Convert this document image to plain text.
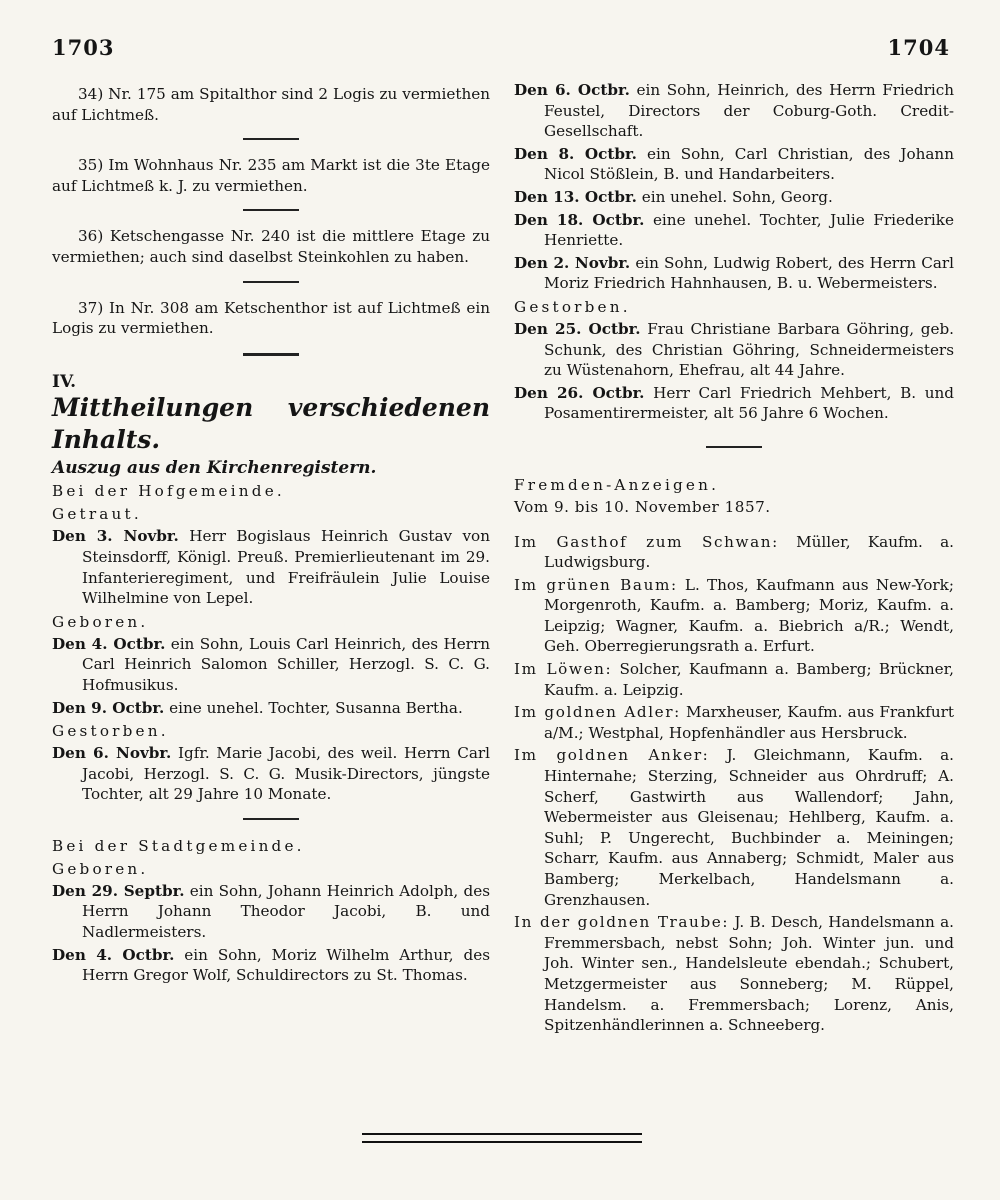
1703	1704

34) Nr. 175 am Spitalthor sind 2 Logis zu vermiethen auf Lichtmeß.

35) Im Wohnhaus Nr. 235 am Markt ist die 3te Etage auf Lichtmeß k. J. zu vermiethen.

36) Ketschengasse Nr. 240 ist die mittlere Etage zu vermiethen; auch sind daselbst Steinkohlen zu haben.

37) In Nr. 308 am Ketschenthor ist auf Lichtmeß ein Logis zu vermiethen.

IV.

Mittheilungen verschiedenen Inhalts.

Auszug aus den Kirchenregistern.

Bei der Hofgemeinde.

Getraut.

Den 3. Novbr. Herr Bogislaus Heinrich Gustav von Steinsdorff, Königl. Preuß. Premierlieutenant im 29. Infanterieregiment, und Freifräulein Julie Louise Wilhelmine von Lepel.

Geboren.

Den 4. Octbr. ein Sohn, Louis Carl Heinrich, des Herrn Carl Heinrich Salomon Schiller, Herzogl. S. C. G. Hofmusikus.

Den 9. Octbr. eine unehel. Tochter, Susanna Bertha.

Gestorben.

Den 6. Novbr. Igfr. Marie Jacobi, des weil. Herrn Carl Jacobi, Herzogl. S. C. G. Musik-Directors, jüngste Tochter, alt 29 Jahre 10 Monate.

Bei der Stadtgemeinde.

Geboren.

Den 29. Septbr. ein Sohn, Johann Heinrich Adolph, des Herrn Johann Theodor Jacobi, B. und Nadlermeisters.

Den 4. Octbr. ein Sohn, Moriz Wilhelm Arthur, des Herrn Gregor Wolf, Schuldirectors zu St. Thomas.

Den 6. Octbr. ein Sohn, Heinrich, des Herrn Friedrich Feustel, Directors der Coburg-Goth. Credit-Gesellschaft.

Den 8. Octbr. ein Sohn, Carl Christian, des Johann Nicol Stößlein, B. und Handarbeiters.

Den 13. Octbr. ein unehel. Sohn, Georg.

Den 18. Octbr. eine unehel. Tochter, Julie Friederike Henriette.

Den 2. Novbr. ein Sohn, Ludwig Robert, des Herrn Carl Moriz Friedrich Hahnhausen, B. u. Webermeisters.

Gestorben.

Den 25. Octbr. Frau Christiane Barbara Göhring, geb. Schunk, des Christian Göhring, Schneidermeisters zu Wüstenahorn, Ehefrau, alt 44 Jahre.

Den 26. Octbr. Herr Carl Friedrich Mehbert, B. und Posamentirermeister, alt 56 Jahre 6 Wochen.

Fremden-Anzeigen.

Vom 9. bis 10. November 1857.

Im Gasthof zum Schwan: Müller, Kaufm. a. Ludwigsburg.

Im grünen Baum: L. Thos, Kaufmann aus New-York; Morgenroth, Kaufm. a. Bamberg; Moriz, Kaufm. a. Leipzig; Wagner, Kaufm. a. Biebrich a/R.; Wendt, Geh. Oberregierungsrath a. Erfurt.

Im Löwen: Solcher, Kaufmann a. Bamberg; Brückner, Kaufm. a. Leipzig.

Im goldnen Adler: Marxheuser, Kaufm. aus Frankfurt a/M.; Westphal, Hopfenhändler aus Hersbruck.

Im goldnen Anker: J. Gleichmann, Kaufm. a. Hinternahe; Sterzing, Schneider aus Ohrdruff; A. Scherf, Gastwirth aus Wallendorf; Jahn, Webermeister aus Gleisenau; Hehlberg, Kaufm. a. Suhl; P. Ungerecht, Buchbinder a. Meiningen; Scharr, Kaufm. aus Annaberg; Schmidt, Maler aus Bamberg; Merkelbach, Handelsmann a. Grenzhausen.

In der goldnen Traube: J. B. Desch, Handelsmann a. Fremmersbach, nebst Sohn; Joh. Winter jun. und Joh. Winter sen., Handelsleute ebendah.; Schubert, Metzgermeister aus Sonneberg; M. Rüppel, Handelsm. a. Fremmersbach; Lorenz, Anis, Spitzenhändlerinnen a. Schneeberg.
